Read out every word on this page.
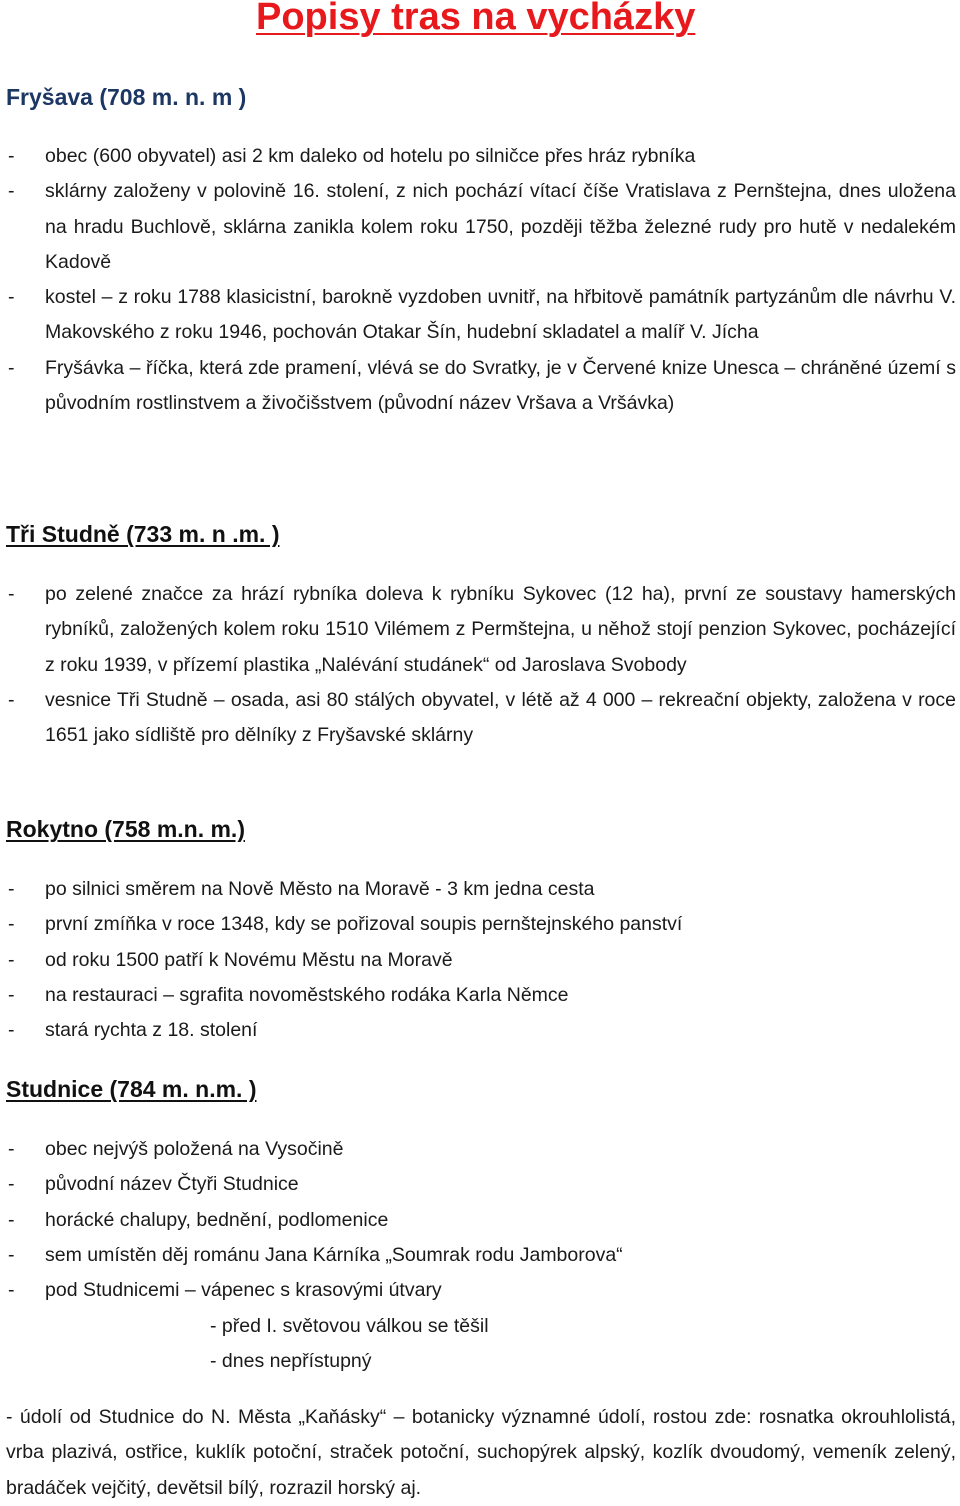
Popisy tras na vycházky
Fryšava (708 m. n. m )
- obec (600 obyvatel) asi 2 km daleko od hotelu po silničce přes hráz rybníka
- sklárny založeny v polovině 16. stolení, z nich pochází vítací číše Vratislava z Pernštejna, dnes uložena na hradu Buchlově, sklárna zanikla kolem roku 1750, později těžba železné rudy pro hutě v nedalekém Kadově
- kostel – z roku 1788 klasicistní, barokně vyzdoben uvnitř, na hřbitově památník partyzánům dle návrhu V. Makovského z roku 1946, pochován Otakar Šín, hudební skladatel a malíř V. Jícha
- Fryšávka – říčka, která zde pramení, vlévá se do Svratky, je v Červené knize Unesca – chráněné území s původním rostlinstvem a živočišstvem (původní název Vršava a Vršávka)
Tři Studně (733 m. n .m. )
- po zelené značce za hrází rybníka doleva k rybníku Sykovec (12 ha), první ze soustavy hamerských rybníků, založených kolem roku 1510 Vilémem z Permštejna, u něhož stojí penzion Sykovec, pocházející z roku 1939, v přízemí plastika „Nalévání studánek“ od Jaroslava Svobody
- vesnice Tři Studně – osada, asi 80 stálých obyvatel, v létě až 4 000 – rekreační objekty, založena v roce 1651 jako sídliště pro dělníky z Fryšavské sklárny
Rokytno (758 m.n. m.)
- po silnici směrem na Nově Město na Moravě - 3 km jedna cesta
- první zmíňka v roce 1348, kdy se pořizoval soupis pernštejnského panství
- od roku 1500 patří k Novému Městu na Moravě
- na restauraci – sgrafita novoměstského rodáka Karla Němce
- stará rychta z 18. stolení
Studnice (784 m. n.m. )
- obec nejvýš položená na Vysočině
- původní název Čtyři Studnice
- horácké chalupy, bednění, podlomenice
- sem umístěn děj románu Jana Kárníka „Soumrak rodu Jamborova“
- pod Studnicemi – vápenec s krasovými útvary
- před I. světovou válkou se těšil
- dnes nepřístupný
- údolí od Studnice do N. Města „Kaňásky“ – botanicky významné údolí, rostou zde: rosnatka okrouhlolistá, vrba plazivá, ostřice, kuklík potoční, straček potoční, suchopýrek alpský, kozlík dvoudomý, vemeník zelený, bradáček vejčitý, devětsil bílý, rozrazil horský aj.
